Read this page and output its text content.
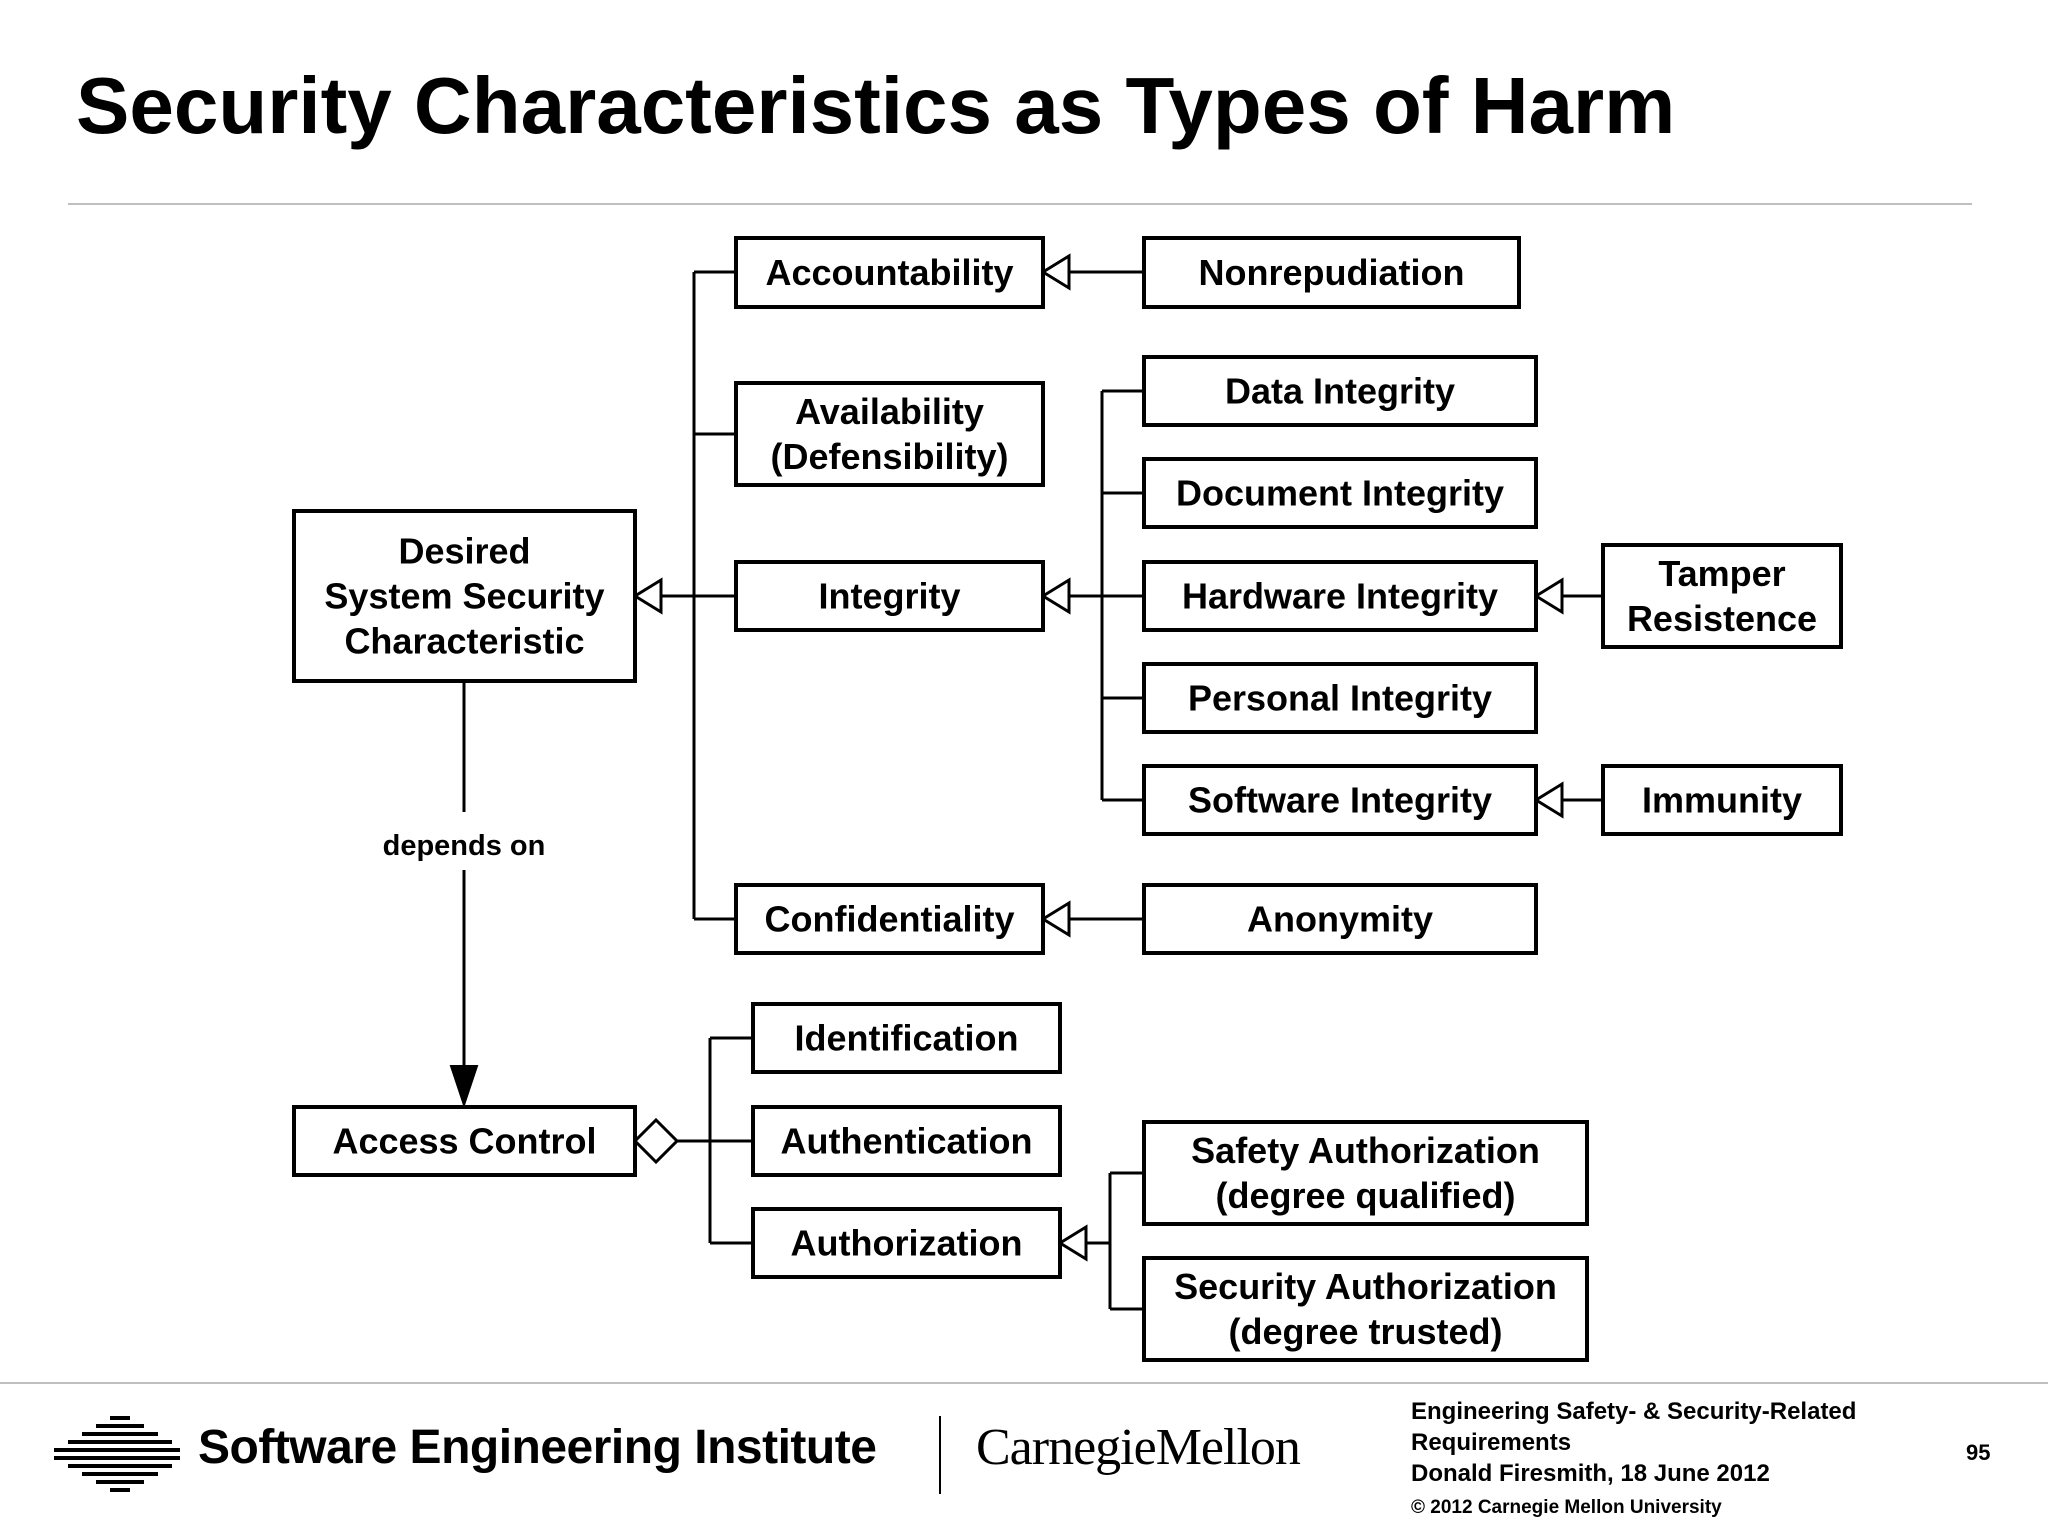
Security Characteristics as Types of Harm
Desired
System Security
Characteristic
Accountability
Availability
(Defensibility)
Integrity
Confidentiality
Nonrepudiation
Data Integrity
Document Integrity
Hardware Integrity
Personal Integrity
Software Integrity
Anonymity
Tamper
Resistence
Immunity
Access Control
Identification
Authentication
Authorization
Safety Authorization
(degree qualified)
Security Authorization
(degree trusted)
depends on
Software Engineering Institute CarnegieMellon
Engineering Safety- & Security-Related
Requirements
Donald Firesmith, 18 June 2012
© 2012 Carnegie Mellon University
95
